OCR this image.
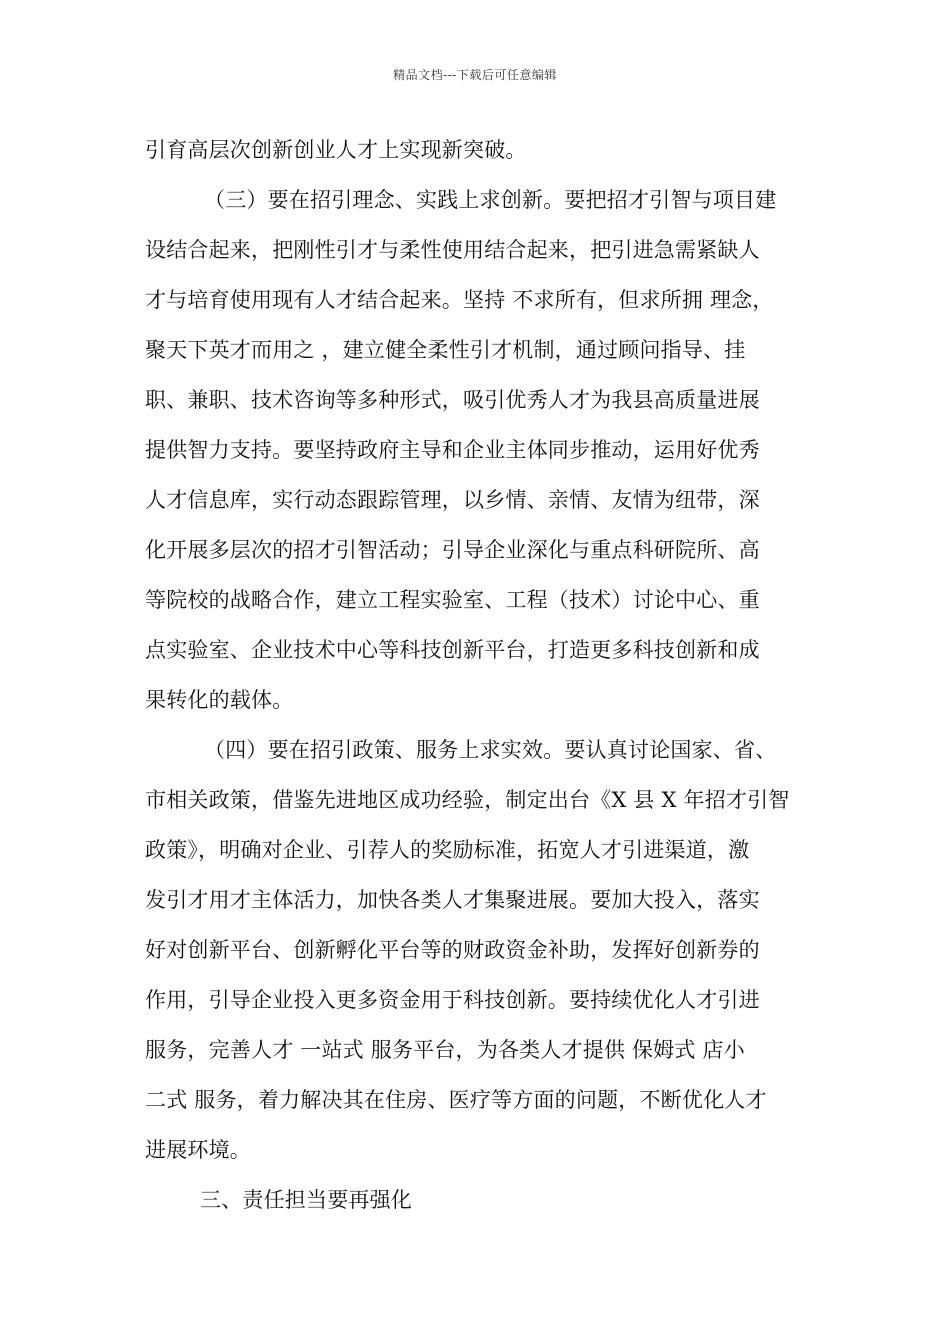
精品文档---下载后可任意编辑
引育高层次创新创业人才上实现新突破。
（三）要在招引理念、实践上求创新。要把招才引智与项目建
设结合起来，把刚性引才与柔性使用结合起来，把引进急需紧缺人
才与培育使用现有人才结合起来。坚持 不求所有，但求所拥 理念，
聚天下英才而用之 ，建立健全柔性引才机制，通过顾问指导、挂
职、兼职、技术咨询等多种形式，吸引优秀人才为我县高质量进展
提供智力支持。要坚持政府主导和企业主体同步推动，运用好优秀
人才信息库，实行动态跟踪管理，以乡情、亲情、友情为纽带，深
化开展多层次的招才引智活动；引导企业深化与重点科研院所、高
等院校的战略合作，建立工程实验室、工程（技术）讨论中心、重
点实验室、企业技术中心等科技创新平台，打造更多科技创新和成
果转化的载体。
（四）要在招引政策、服务上求实效。要认真讨论国家、省、
市相关政策，借鉴先进地区成功经验，制定出台《X 县 X 年招才引智
政策》，明确对企业、引荐人的奖励标准，拓宽人才引进渠道，激
发引才用才主体活力，加快各类人才集聚进展。要加大投入，落实
好对创新平台、创新孵化平台等的财政资金补助，发挥好创新券的
作用，引导企业投入更多资金用于科技创新。要持续优化人才引进
服务，完善人才 一站式 服务平台，为各类人才提供 保姆式 店小
二式 服务，着力解决其在住房、医疗等方面的问题，不断优化人才
进展环境。
三、责任担当要再强化
